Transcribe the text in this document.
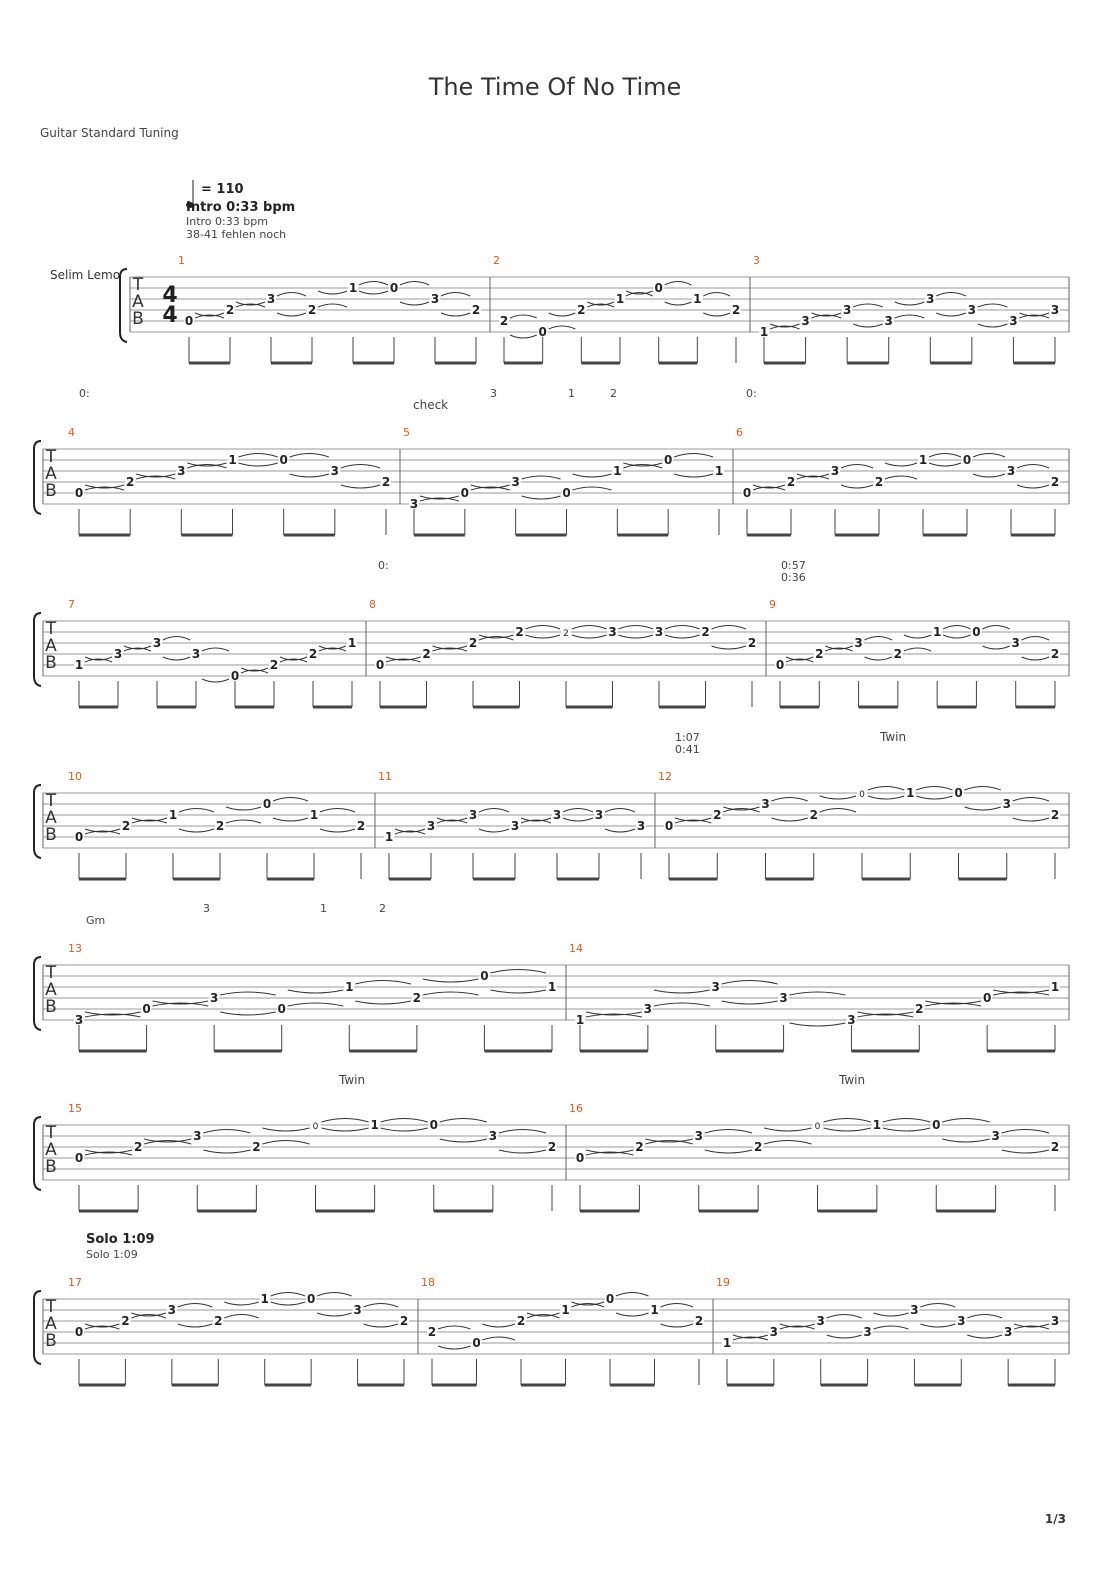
The Time Of No Time
Guitar Standard Tuning
= 110
Intro 0:33 bpm
Intro 0:33 bpm
38-41 fehlen noch
Selim Lemo
0:
check
3	1	2	0:
0:	0:57
0:36
1:07
0:41
Twin
Gm
3	1	2
Twin	Twin
Solo 1:09
Solo 1:09
1/3
T
A
B
4
4
1
0
2
3
2
1	0
3
2
2
2
0
2
1
0
1
2
3
1
3
3
3
3
3
3
3
T
A
B
4
0
2
3
1	0
3
2
5
3
0
3
0
1
0
1
6
0
2
3
2
1	0
3
2
T
A
B
7
1
3
3
3
0
2
2
1
8
0
2
2
2	2	3	3	2
2
9
0
2
3
2
1	0
3
2
T
A
B
10
0
2
1
2
0
1
2
11
1
3
3
3
3	3
3
12
0
2
3
2
0	1	0
3
2
T
A
B
13
3
0
3
0
1
2
0
1
14
1
3
3
3
3
2
0
1
T
A
B
15
0
2
3
2
0	1	0
3
2
16
0
2
3
2
0	1	0
3
2
T
A
B
17
0
2
3
2
1	0
3
2
18
2
0
2
1
0
1
2
19
1
3
3
3
3
3
3
3
